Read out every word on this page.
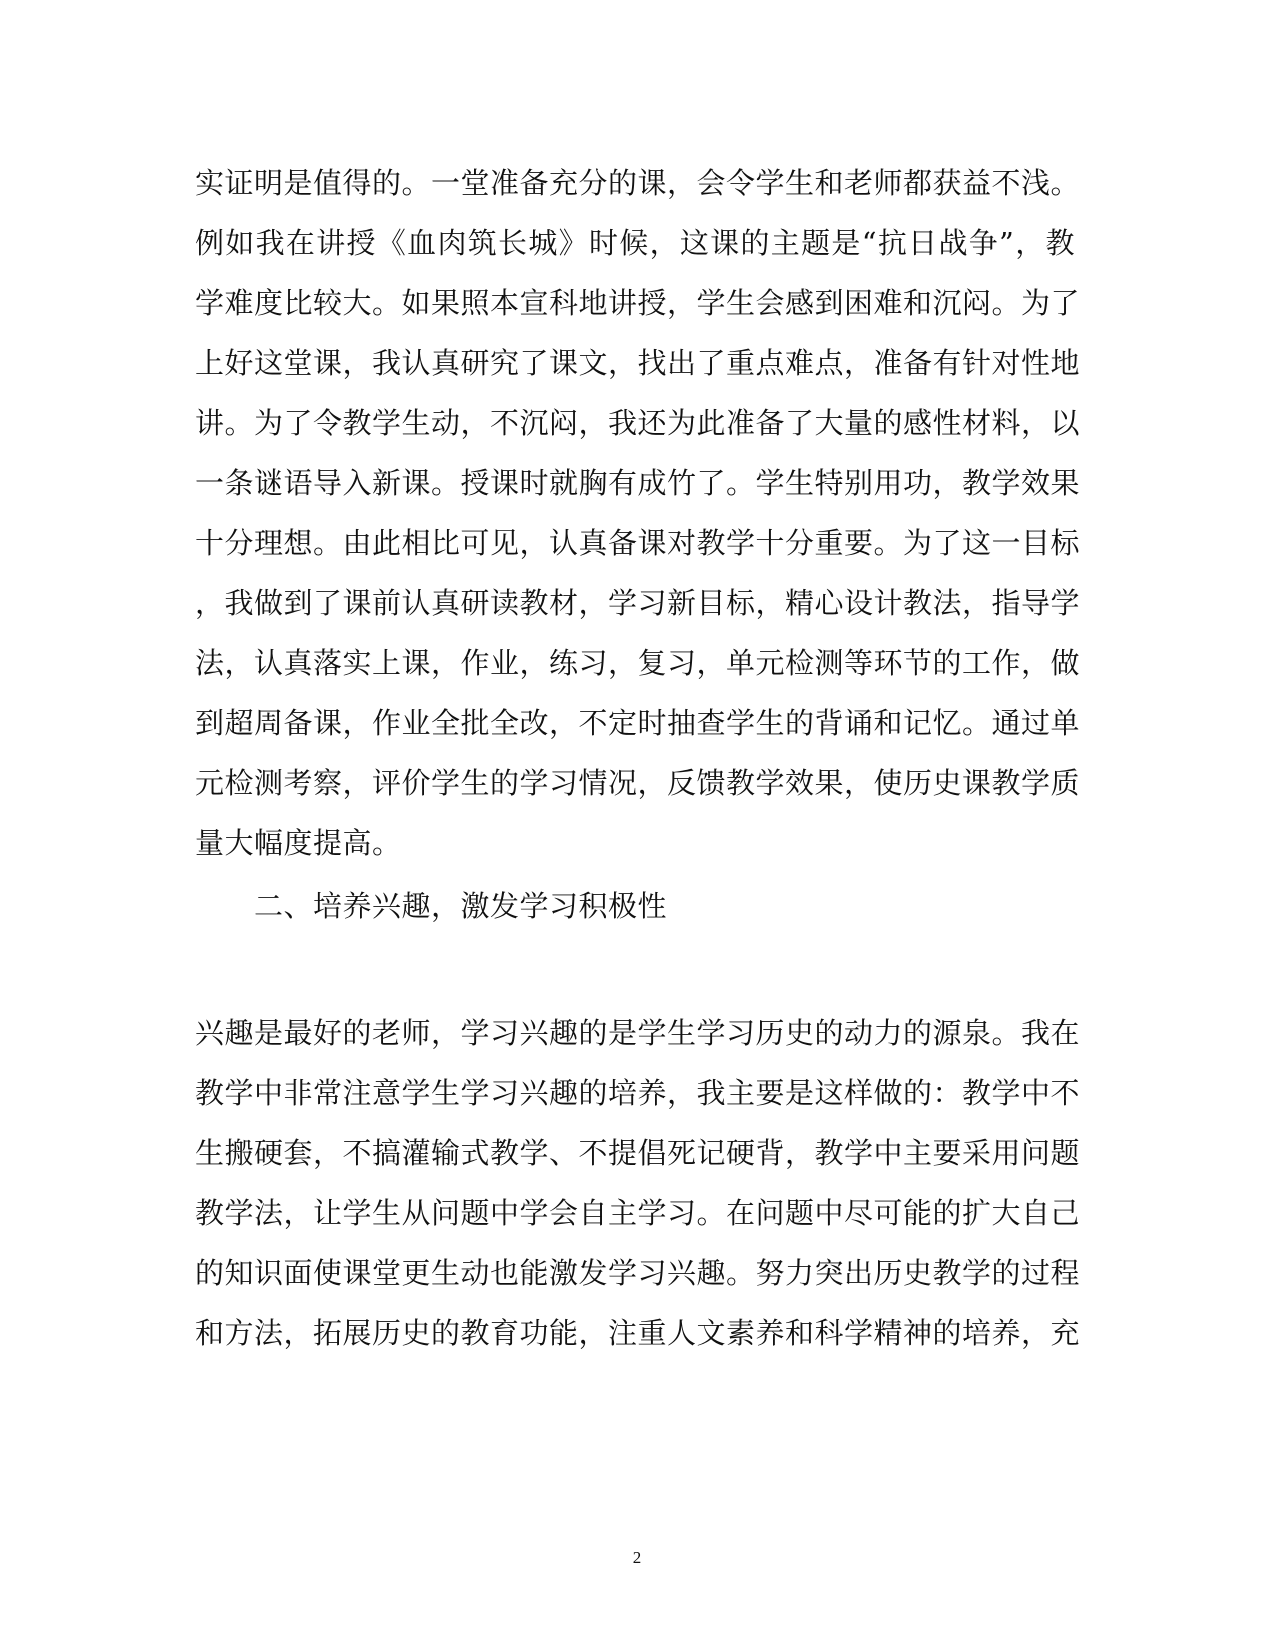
实证明是值得的。一堂准备充分的课，会令学生和老师都获益不浅。
例如我在讲授《血肉筑长城》时候，这课的主题是“抗日战争”，教
学难度比较大。如果照本宣科地讲授，学生会感到困难和沉闷。为了
上好这堂课，我认真研究了课文，找出了重点难点，准备有针对性地
讲。为了令教学生动，不沉闷，我还为此准备了大量的感性材料，以
一条谜语导入新课。授课时就胸有成竹了。学生特别用功，教学效果
十分理想。由此相比可见，认真备课对教学十分重要。为了这一目标
，我做到了课前认真研读教材，学习新目标，精心设计教法，指导学
法，认真落实上课，作业，练习，复习，单元检测等环节的工作，做
到超周备课，作业全批全改，不定时抽查学生的背诵和记忆。通过单
元检测考察，评价学生的学习情况，反馈教学效果，使历史课教学质
量大幅度提高。
二、培养兴趣，激发学习积极性
兴趣是最好的老师，学习兴趣的是学生学习历史的动力的源泉。我在
教学中非常注意学生学习兴趣的培养，我主要是这样做的：教学中不
生搬硬套，不搞灌输式教学、不提倡死记硬背，教学中主要采用问题
教学法，让学生从问题中学会自主学习。在问题中尽可能的扩大自己
的知识面使课堂更生动也能激发学习兴趣。努力突出历史教学的过程
和方法，拓展历史的教育功能，注重人文素养和科学精神的培养，充
2
